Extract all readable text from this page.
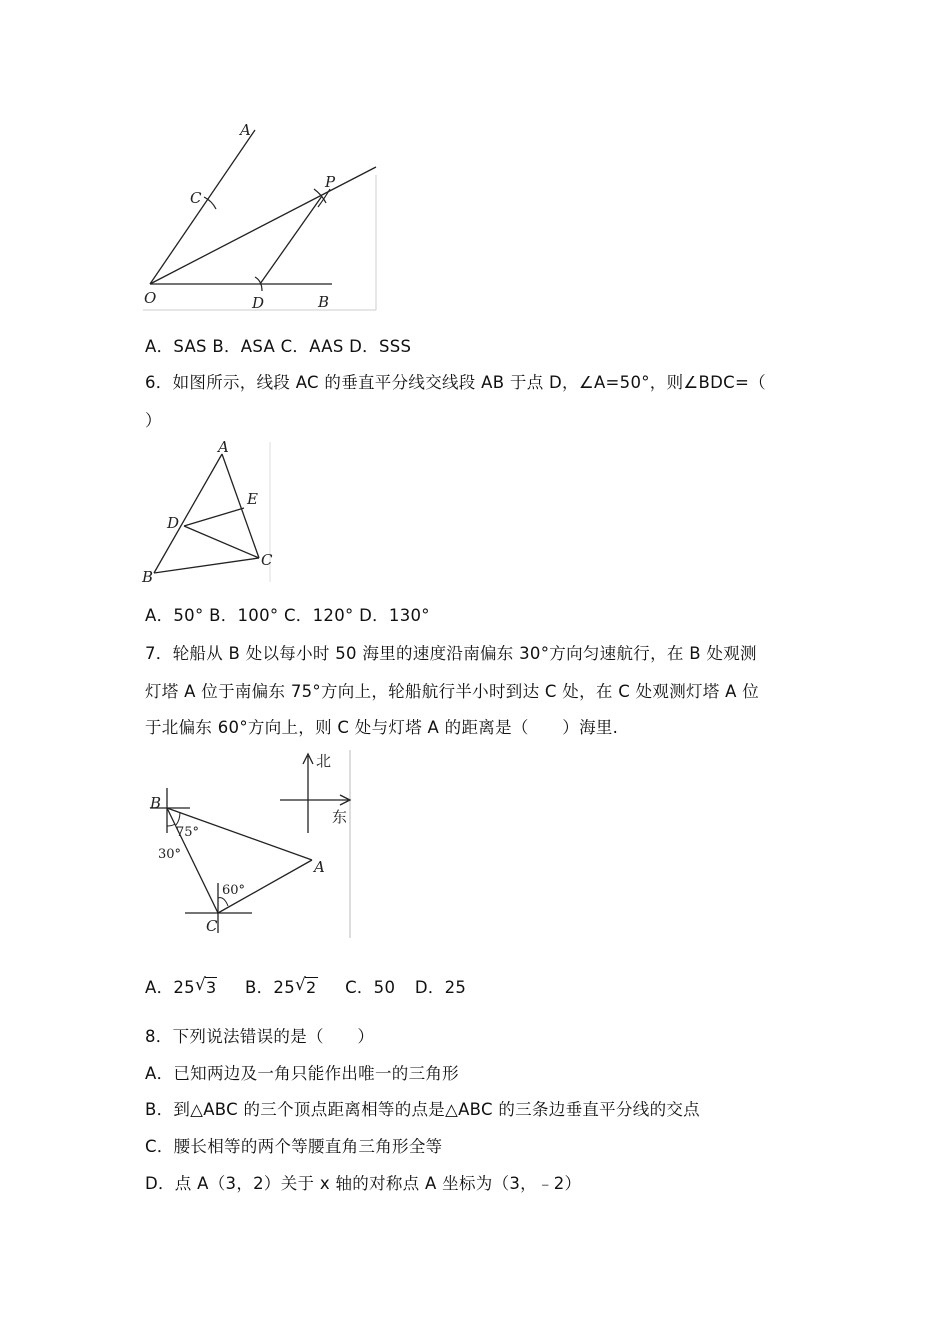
A
C
P
O	D	B
A．SAS B．ASA C．AAS D．SSS
6．如图所示，线段 AC 的垂直平分线交线段 AB 于点 D，∠A=50°，则∠BDC=（
）
A
E
D
C
B
A．50° B．100° C．120° D．130°
7．轮船从 B 处以每小时 50 海里的速度沿南偏东 30°方向匀速航行，在 B 处观测
灯塔 A 位于南偏东 75°方向上，轮船航行半小时到达 C 处，在 C 处观测灯塔 A 位
于北偏东 60°方向上，则 C 处与灯塔 A 的距离是（　　）海里.
北
东
75°
30°
60°
B
A
C
A．25 √ 3 B．25 √ 2 C．50 D．25
8．下列说法错误的是（　　）
A．已知两边及一角只能作出唯一的三角形
B．到△ABC 的三个顶点距离相等的点是△ABC 的三条边垂直平分线的交点
C．腰长相等的两个等腰直角三角形全等
D．点 A（3，2）关于 x 轴的对称点 A 坐标为（3，﹣2）
